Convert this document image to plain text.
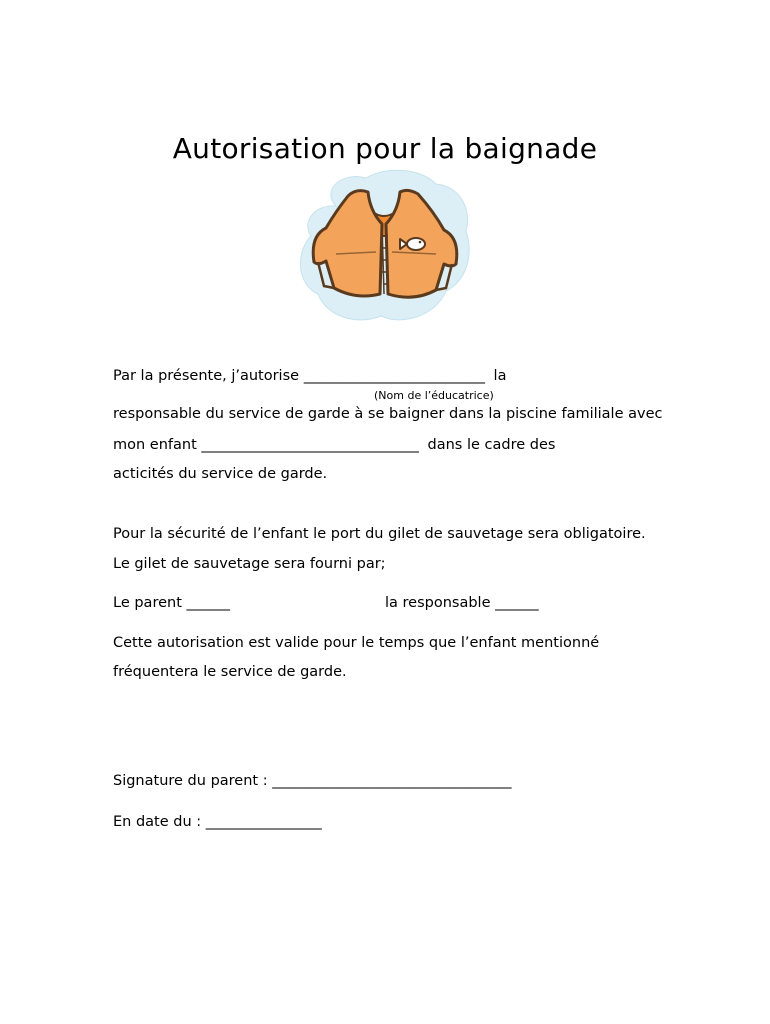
Autorisation pour la baignade
Par la présente, j’autorise _________________________ la
(Nom de l’éducatrice)
responsable du service de garde à se baigner dans la piscine familiale avec
mon enfant ______________________________ dans le cadre des
acticités du service de garde.
Pour la sécurité de l’enfant le port du gilet de sauvetage sera obligatoire.
Le gilet de sauvetage sera fourni par;
Le parent ______	la responsable ______
Cette autorisation est valide pour le temps que l’enfant mentionné
fréquentera le service de garde.
Signature du parent : _________________________________
En date du : ________________
